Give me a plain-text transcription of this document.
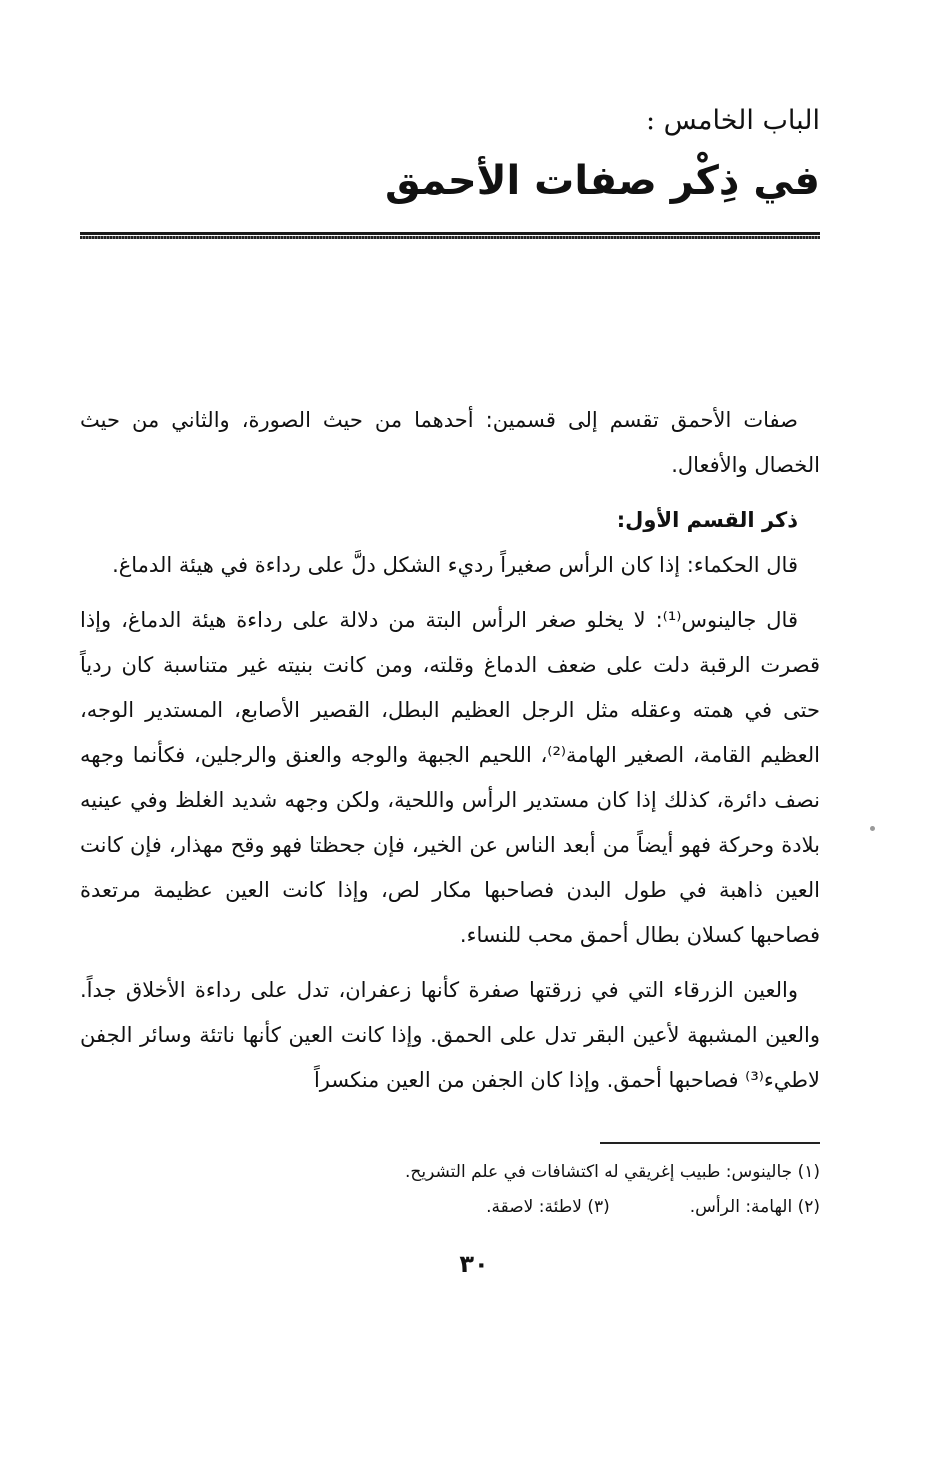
الباب الخامس :
في ذِكْر صفات الأحمق

صفات الأحمق تقسم إلى قسمين: أحدهما من حيث الصورة، والثاني من حيث الخصال والأفعال.

ذكر القسم الأول:

قال الحكماء: إذا كان الرأس صغيراً رديء الشكل دلَّ على رداءة في هيئة الدماغ.

قال جالينوس⁽¹⁾: لا يخلو صغر الرأس البتة من دلالة على رداءة هيئة الدماغ، وإذا قصرت الرقبة دلت على ضعف الدماغ وقلته، ومن كانت بنيته غير متناسبة كان ردياً حتى في همته وعقله مثل الرجل العظيم البطل، القصير الأصابع، المستدير الوجه، العظيم القامة، الصغير الهامة⁽²⁾، اللحيم الجبهة والوجه والعنق والرجلين، فكأنما وجهه نصف دائرة، كذلك إذا كان مستدير الرأس واللحية، ولكن وجهه شديد الغلظ وفي عينيه بلادة وحركة فهو أيضاً من أبعد الناس عن الخير، فإن جحظتا فهو وقح مهذار، فإن كانت العين ذاهبة في طول البدن فصاحبها مكار لص، وإذا كانت العين عظيمة مرتعدة فصاحبها كسلان بطال أحمق محب للنساء.

والعين الزرقاء التي في زرقتها صفرة كأنها زعفران، تدل على رداءة الأخلاق جداً. والعين المشبهة لأعين البقر تدل على الحمق. وإذا كانت العين كأنها ناتئة وسائر الجفن لاطيء⁽³⁾ فصاحبها أحمق. وإذا كان الجفن من العين منكسراً

(١) جالينوس: طبيب إغريقي له اكتشافات في علم التشريح.
(٢) الهامة: الرأس.
(٣) لاطئة: لاصقة.
٣٠
